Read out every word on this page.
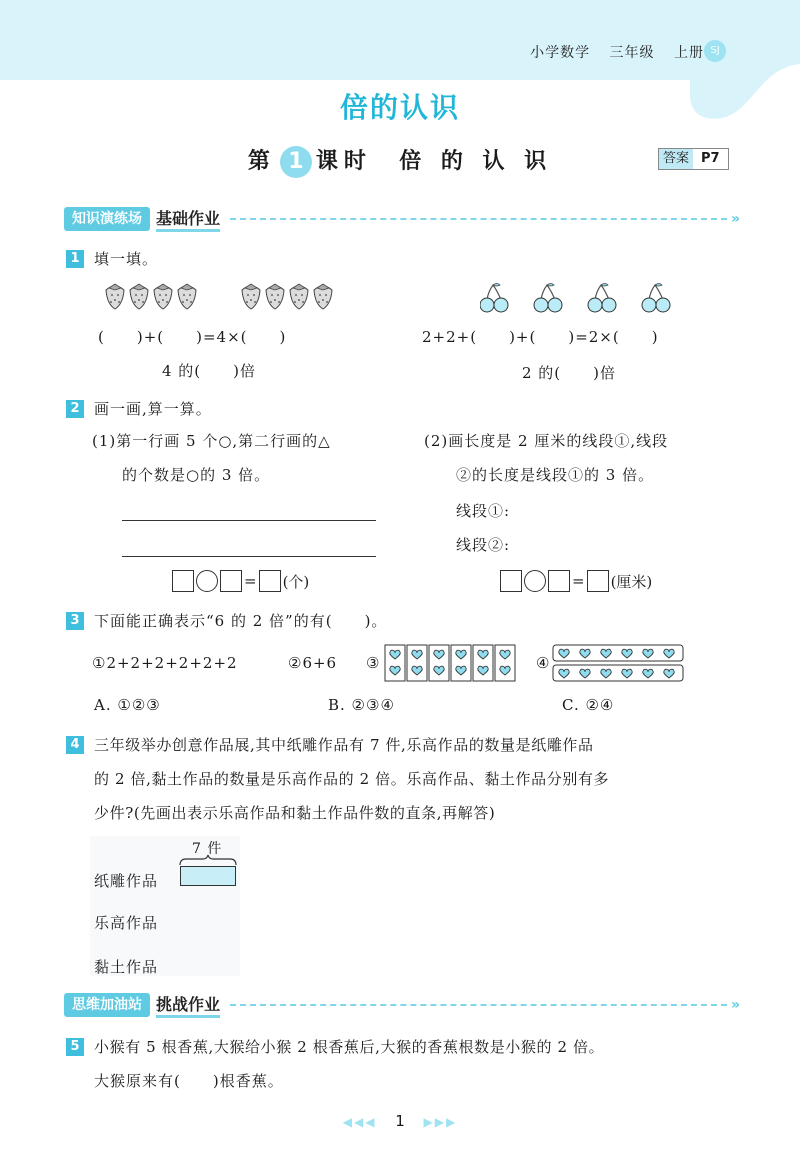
小学数学 三年级 上册 SJ
倍的认识
第 1 课时 倍 的 认 识	答案 P7
知识演练场 基础作业	»
1 填一填。
(　　)+(　　)=4×(　　)
4 的(　　)倍
2+2+(　　)+(　　)=2×(　　)
2 的(　　)倍
2 画一画,算一算。
(1)第一行画 5 个○,第二行画的△
的个数是○的 3 倍。
= (个)
(2)画长度是 2 厘米的线段①,线段
②的长度是线段①的 3 倍。
线段①:
线段②:
= (厘米)
3 下面能正确表示“6 的 2 倍”的有(　　)。
①2+2+2+2+2+2	②6+6 ③	④
A. ①②③	B. ②③④	C. ②④
4 三年级举办创意作品展,其中纸雕作品有 7 件,乐高作品的数量是纸雕作品
的 2 倍,黏土作品的数量是乐高作品的 2 倍。乐高作品、黏土作品分别有多
少件?(先画出表示乐高作品和黏土作品件数的直条,再解答)
7 件
纸雕作品
乐高作品
黏土作品
思维加油站 挑战作业	»
5 小猴有 5 根香蕉,大猴给小猴 2 根香蕉后,大猴的香蕉根数是小猴的 2 倍。
大猴原来有(　　)根香蕉。
◀◀◀ 1 ▶▶▶
